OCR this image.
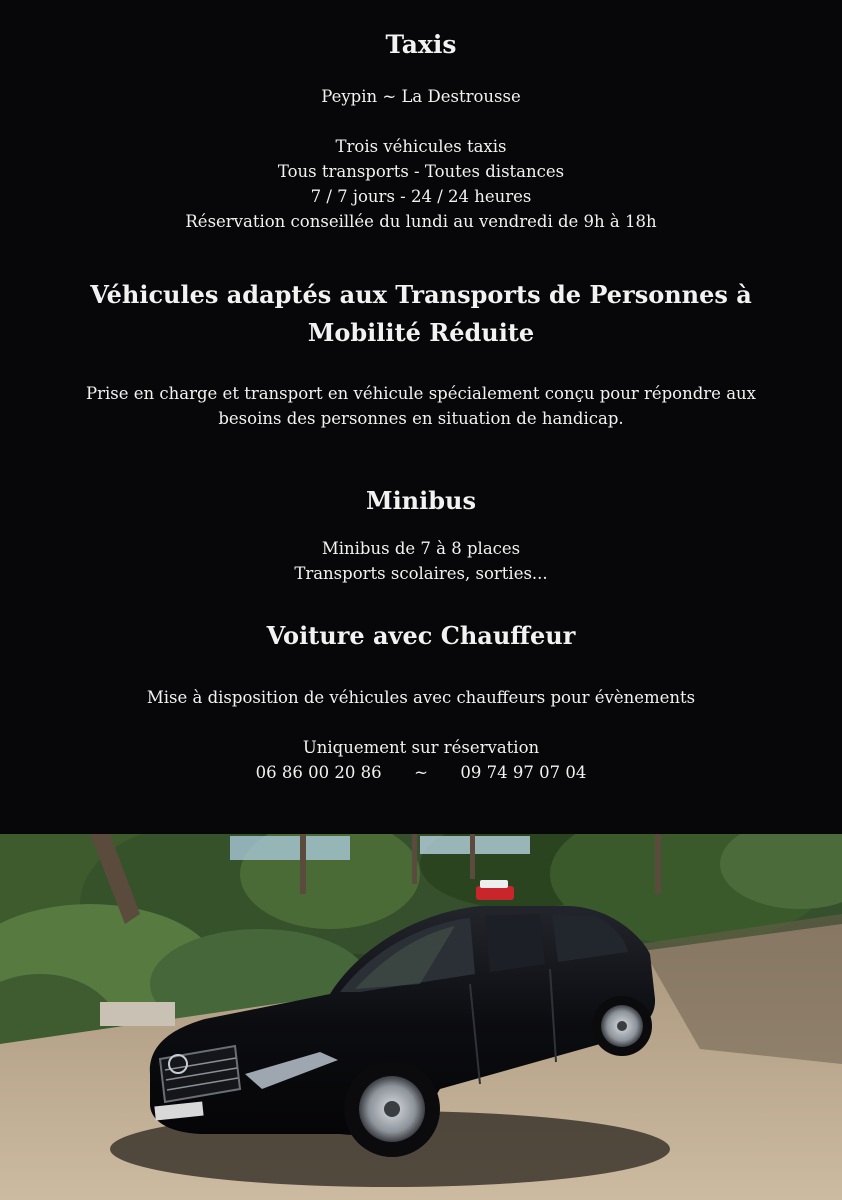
Taxis
Peypin ~ La Destrousse
Trois véhicules taxis
Tous transports - Toutes distances
7 / 7 jours - 24 / 24 heures
Réservation conseillée du lundi au vendredi de 9h à 18h
Véhicules adaptés aux Transports de Personnes à
Mobilité Réduite
Prise en charge et transport en véhicule spécialement conçu pour répondre aux
besoins des personnes en situation de handicap.
Minibus
Minibus de 7 à 8 places
Transports scolaires, sorties...
Voiture avec Chauffeur
Mise à disposition de véhicules avec chauffeurs pour évènements
Uniquement sur réservation
06 86 00 20 86 ~ 09 74 97 07 04
